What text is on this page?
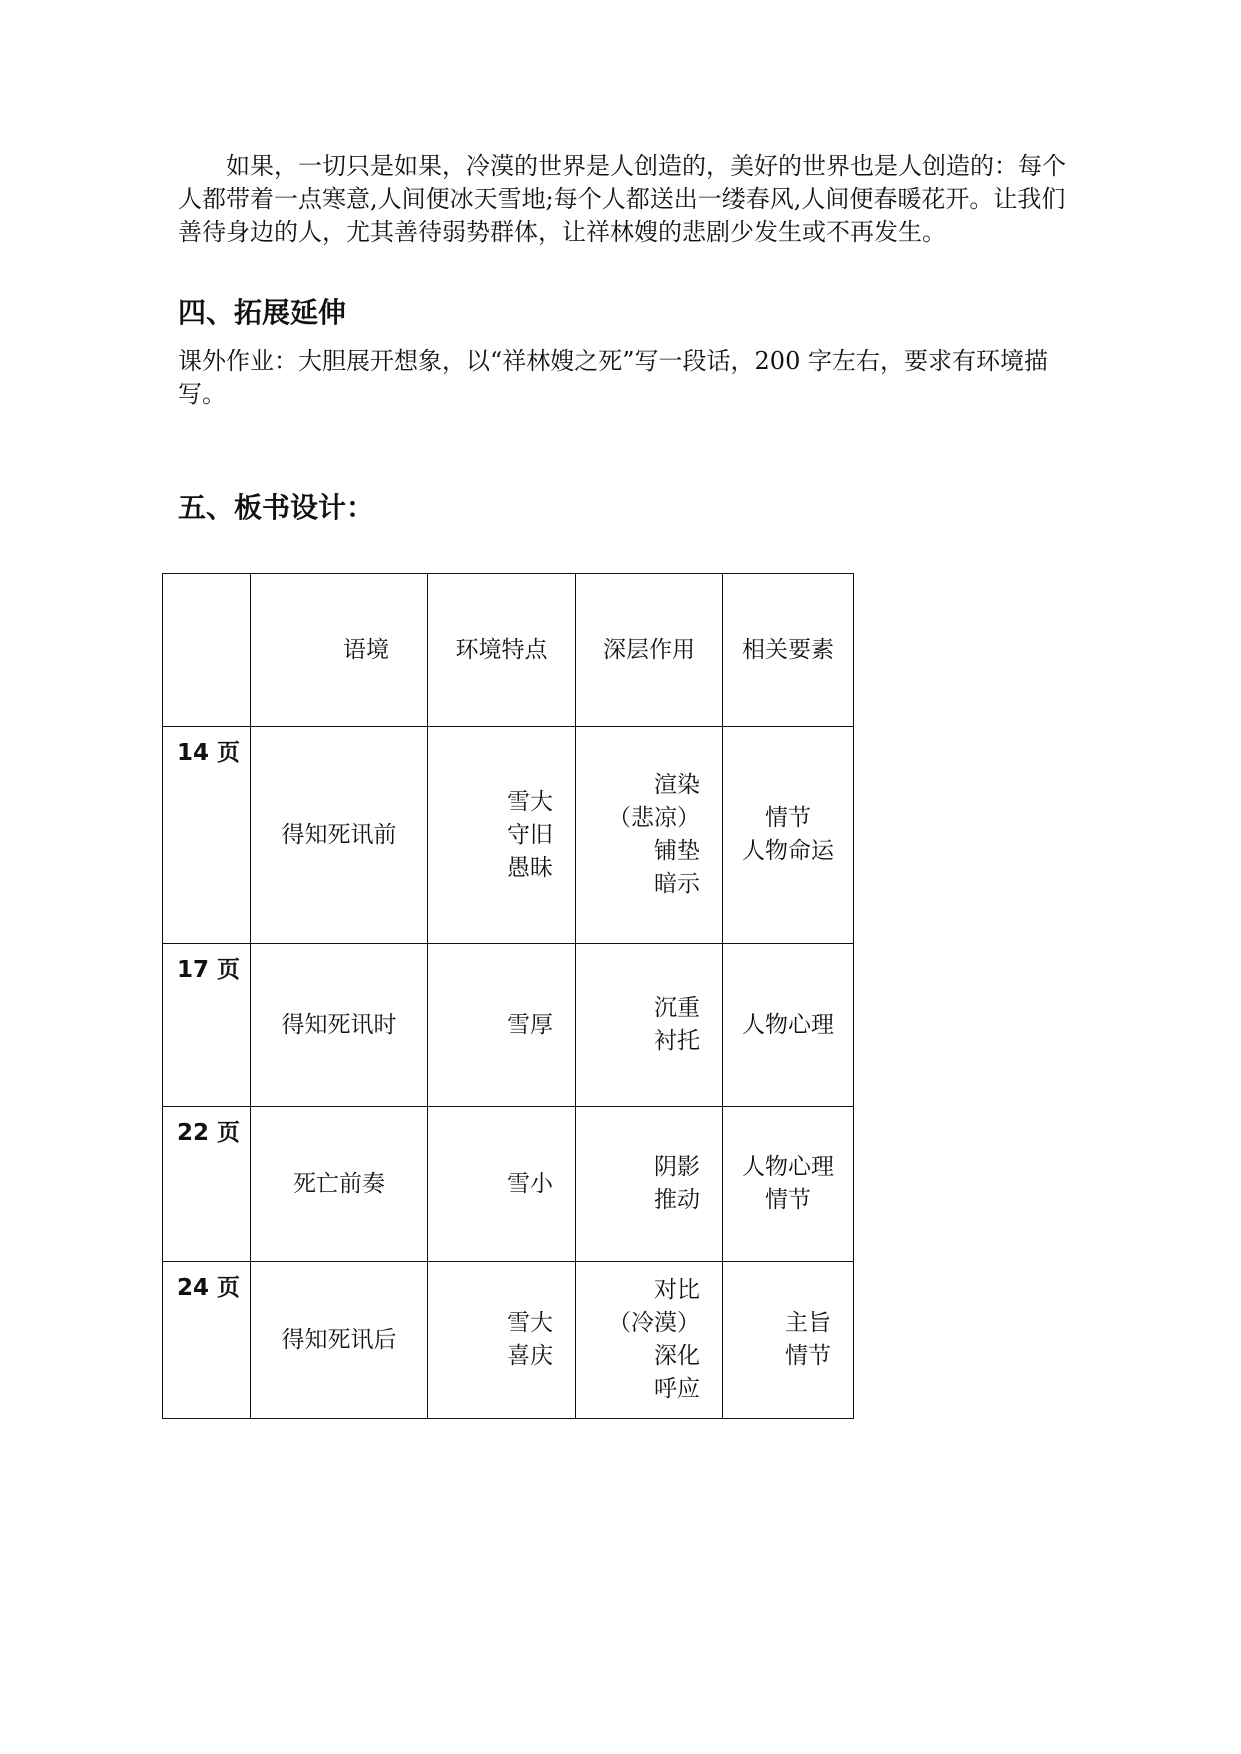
如果，一切只是如果，冷漠的世界是人创造的，美好的世界也是人创造的：每个人都带着一点寒意,人间便冰天雪地;每个人都送出一缕春风,人间便春暖花开。让我们善待身边的人，尤其善待弱势群体，让祥林嫂的悲剧少发生或不再发生。

四、拓展延伸

课外作业：大胆展开想象，以“祥林嫂之死”写一段话，200 字左右，要求有环境描写。

五、板书设计：
	语境	环境特点	深层作用	相关要素

14 页	得知死讯前	雪大
守旧
愚昧	渲染
（悲凉）
铺垫
暗示	情节
人物命运

17 页	得知死讯时	雪厚	沉重
衬托	人物心理

22 页	死亡前奏	雪小	阴影
推动	人物心理
情节

24 页	得知死讯后	雪大
喜庆	对比
（冷漠）
深化
呼应	主旨
情节
